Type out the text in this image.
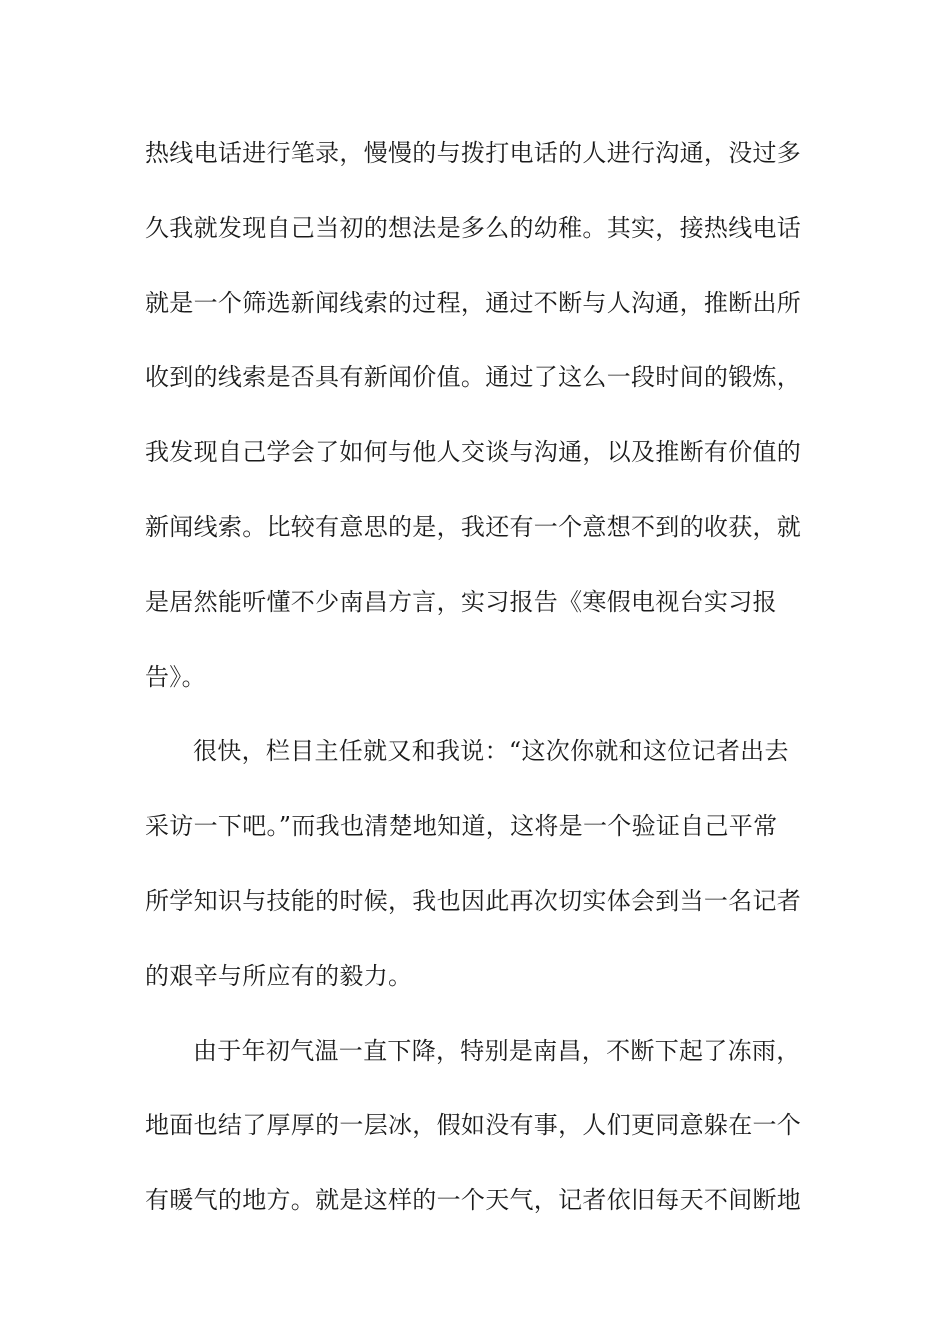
热线电话进行笔录，慢慢的与拨打电话的人进行沟通，没过多
久我就发现自己当初的想法是多么的幼稚。其实，接热线电话
就是一个筛选新闻线索的过程，通过不断与人沟通，推断出所
收到的线索是否具有新闻价值。通过了这么一段时间的锻炼，
我发现自己学会了如何与他人交谈与沟通，以及推断有价值的
新闻线索。比较有意思的是，我还有一个意想不到的收获，就
是居然能听懂不少南昌方言，实习报告《寒假电视台实习报
告》。
很快，栏目主任就又和我说：“这次你就和这位记者出去
采访一下吧。”而我也清楚地知道，这将是一个验证自己平常
所学知识与技能的时候，我也因此再次切实体会到当一名记者
的艰辛与所应有的毅力。
由于年初气温一直下降，特别是南昌，不断下起了冻雨，
地面也结了厚厚的一层冰，假如没有事，人们更同意躲在一个
有暖气的地方。就是这样的一个天气，记者依旧每天不间断地
